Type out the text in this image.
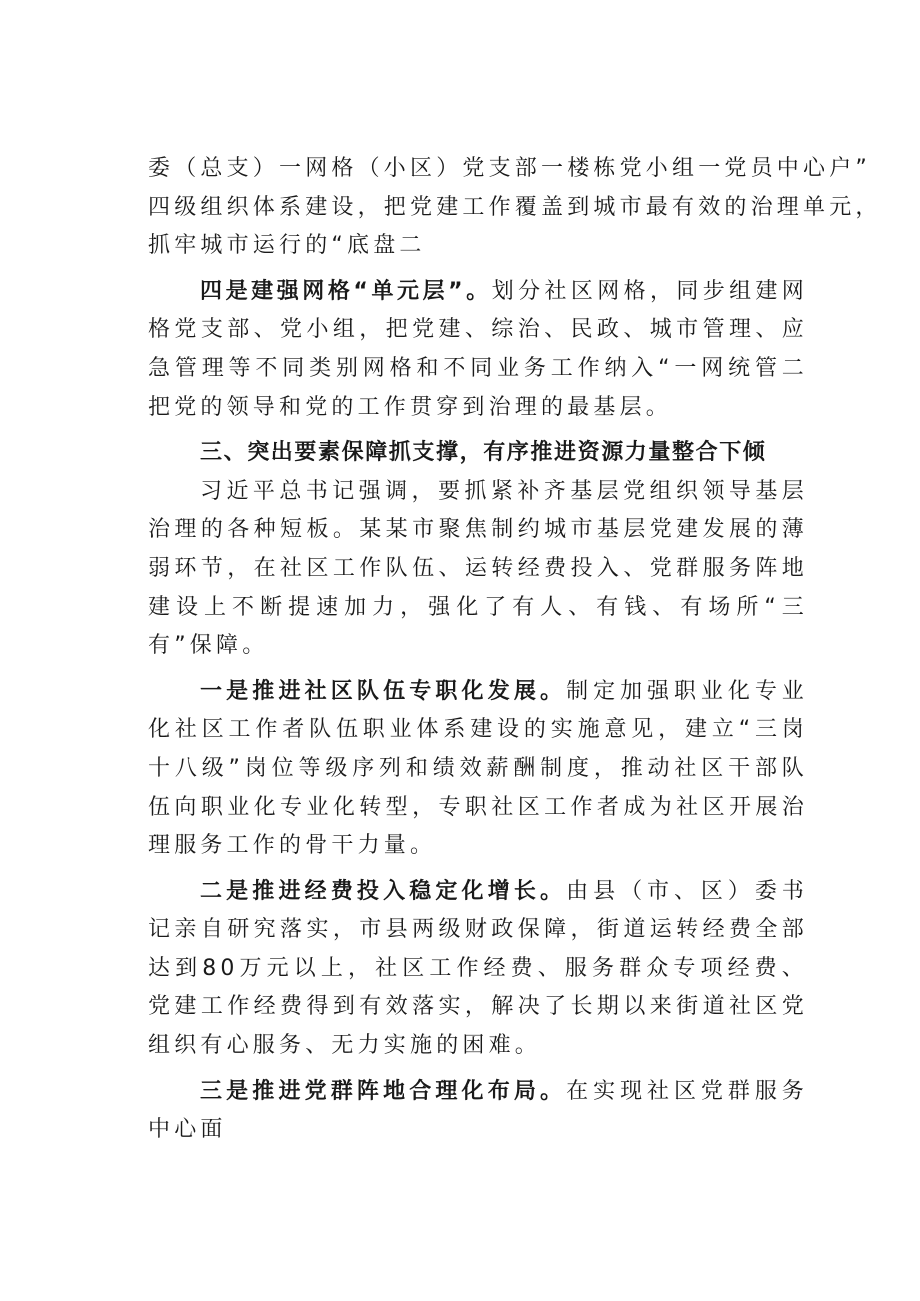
委（总支）一网格（小区）党支部一楼栋党小组一党员中心户”
四级组织体系建设，把党建工作覆盖到城市最有效的治理单元，
抓牢城市运行的“底盘二

四是建强网格“单元层”。划分社区网格，同步组建网格党支部、党小组，把党建、综治、民政、城市管理、应急管理等不同类别网格和不同业务工作纳入“一网统管二把党的领导和党的工作贯穿到治理的最基层。

三、突出要素保障抓支撑，有序推进资源力量整合下倾

习近平总书记强调，要抓紧补齐基层党组织领导基层治理的各种短板。某某市聚焦制约城市基层党建发展的薄弱环节，在社区工作队伍、运转经费投入、党群服务阵地建设上不断提速加力，强化了有人、有钱、有场所“三有”保障。

一是推进社区队伍专职化发展。制定加强职业化专业化社区工作者队伍职业体系建设的实施意见，建立“三岗十八级”岗位等级序列和绩效薪酬制度，推动社区干部队伍向职业化专业化转型，专职社区工作者成为社区开展治理服务工作的骨干力量。

二是推进经费投入稳定化增长。由县（市、区）委书记亲自研究落实，市县两级财政保障，街道运转经费全部达到80万元以上，社区工作经费、服务群众专项经费、党建工作经费得到有效落实，解决了长期以来街道社区党组织有心服务、无力实施的困难。

三是推进党群阵地合理化布局。在实现社区党群服务中心面
